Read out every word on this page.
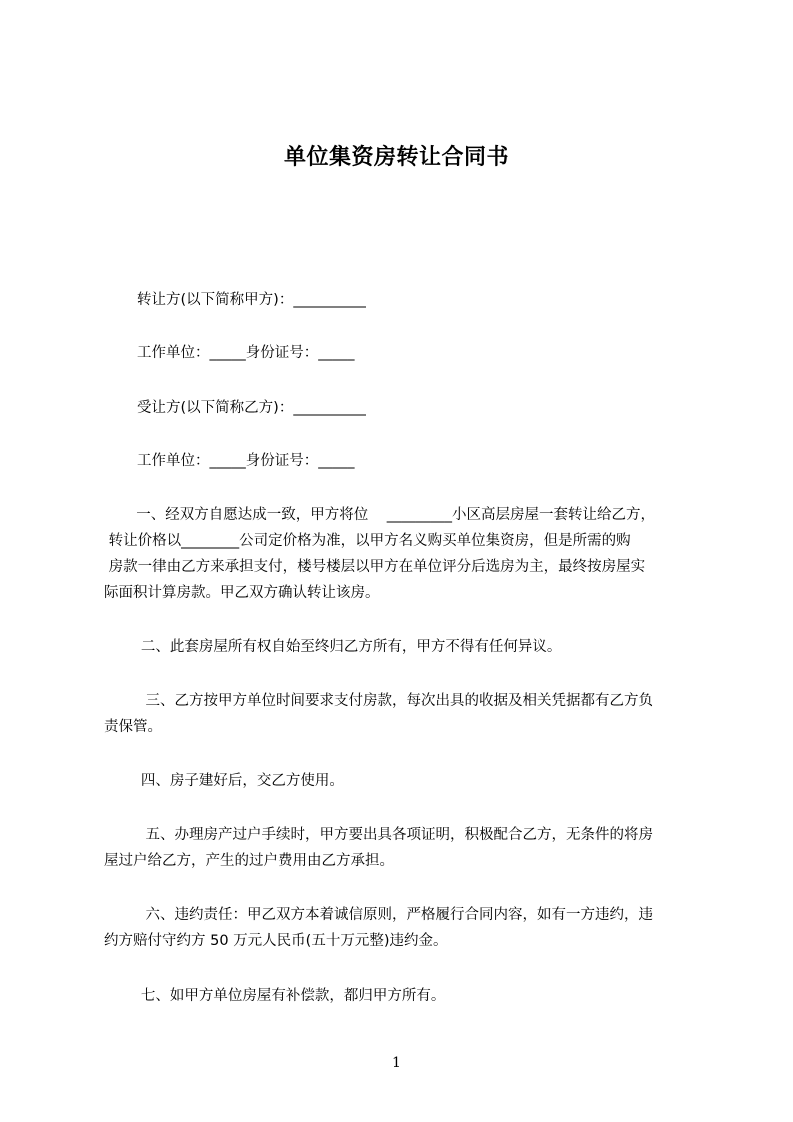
单位集资房转让合同书
转让方(以下简称甲方)：__________
工作单位：_____身份证号：_____
受让方(以下简称乙方)：__________
工作单位：_____身份证号：_____
一、经双方自愿达成一致，甲方将位    _________小区高层房屋一套转让给乙方，
转让价格以________公司定价格为准，以甲方名义购买单位集资房，但是所需的购
房款一律由乙方来承担支付，楼号楼层以甲方在单位评分后选房为主，最终按房屋实
际面积计算房款。甲乙双方确认转让该房。
二、此套房屋所有权自始至终归乙方所有，甲方不得有任何异议。
三、乙方按甲方单位时间要求支付房款，每次出具的收据及相关凭据都有乙方负
责保管。
四、房子建好后，交乙方使用。
五、办理房产过户手续时，甲方要出具各项证明，积极配合乙方，无条件的将房
屋过户给乙方，产生的过户费用由乙方承担。
六、违约责任：甲乙双方本着诚信原则，严格履行合同内容，如有一方违约，违
约方赔付守约方 50 万元人民币(五十万元整)违约金。
七、如甲方单位房屋有补偿款，都归甲方所有。
1
